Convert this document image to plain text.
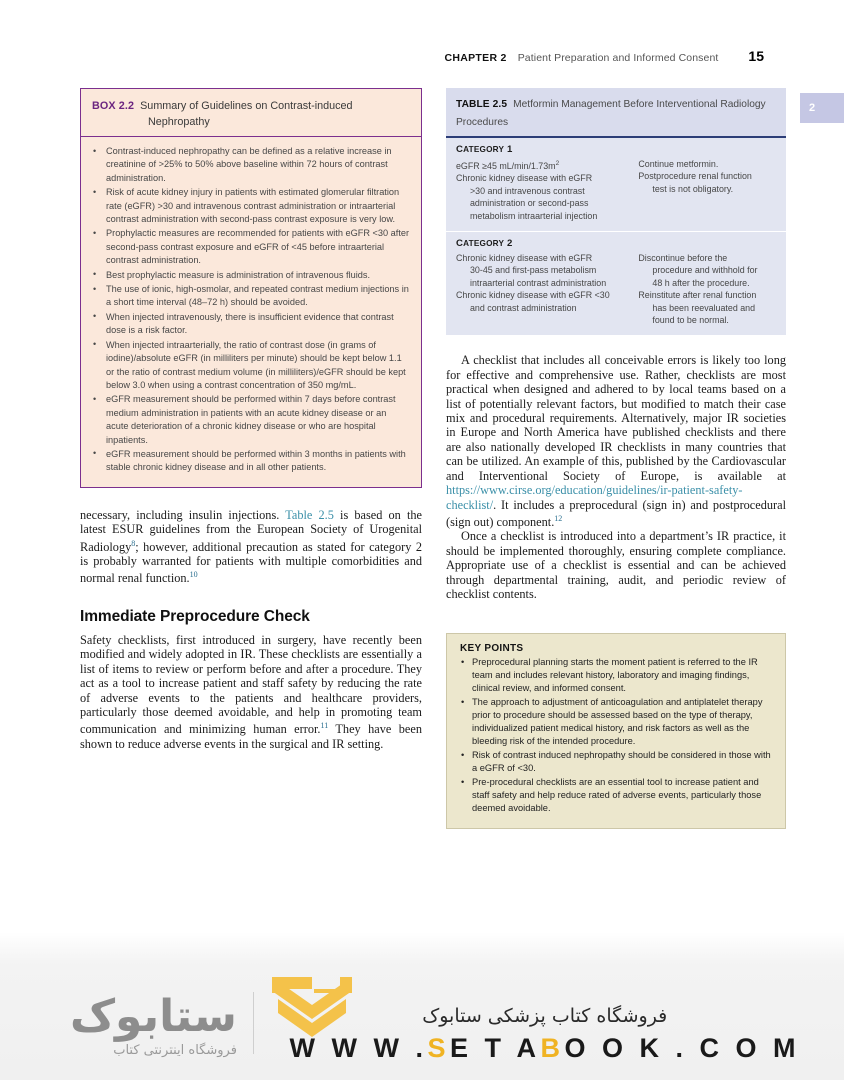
CHAPTER 2 Patient Preparation and Informed Consent 15
2
BOX 2.2 Summary of Guidelines on Contrast-induced
Nephropathy
• Contrast-induced nephropathy can be defined as a relative increase in creatinine of >25% to 50% above baseline within 72 hours of contrast administration.
• Risk of acute kidney injury in patients with estimated glomerular filtration rate (eGFR) >30 and intravenous contrast administration or intraarterial contrast administration with second-pass contrast exposure is very low.
• Prophylactic measures are recommended for patients with eGFR <30 after second-pass contrast exposure and eGFR of <45 before intraarterial contrast administration.
• Best prophylactic measure is administration of intravenous fluids.
• The use of ionic, high-osmolar, and repeated contrast medium injections in a short time interval (48–72 h) should be avoided.
• When injected intravenously, there is insufficient evidence that contrast dose is a risk factor.
• When injected intraarterially, the ratio of contrast dose (in grams of iodine)/absolute eGFR (in milliliters per minute) should be kept below 1.1 or the ratio of contrast medium volume (in milliliters)/eGFR should be kept below 3.0 when using a contrast concentration of 350 mg/mL.
• eGFR measurement should be performed within 7 days before contrast medium administration in patients with an acute kidney disease or an acute deterioration of a chronic kidney disease or who are hospital inpatients.
• eGFR measurement should be performed within 3 months in patients with stable chronic kidney disease and in all other patients.

necessary, including insulin injections. Table 2.5 is based on the latest ESUR guidelines from the European Society of Urogenital Radiology$^8$; however, additional precaution as stated for category 2 is probably warranted for patients with multiple comorbidities and normal renal function.$^{10}$

Immediate Preprocedure Check

Safety checklists, first introduced in surgery, have recently been modified and widely adopted in IR. These checklists are essentially a list of items to review or perform before and after a procedure. They act as a tool to increase patient and staff safety by reducing the rate of adverse events to the patients and healthcare providers, particularly those deemed avoidable, and help in promoting team communication and minimizing human error.$^{11}$ They have been shown to reduce adverse events in the surgical and IR setting.

TABLE 2.5 Metformin Management Before Interventional Radiology Procedures
CATEGORY 1
eGFR ≥45 $mL/\min/1.73m^2$
Chronic kidney disease with eGFR
>30 and intravenous contrast
administration or second-pass
metabolism intraarterial injection
Continue metformin.
Postprocedure renal function
test is not obligatory.
CATEGORY 2
Chronic kidney disease with eGFR
30-45 and first-pass metabolism
intraarterial contrast administration
Chronic kidney disease with eGFR <30
and contrast administration
Discontinue before the
procedure and withhold for
48 h after the procedure.
Reinstitute after renal function
has been reevaluated and
found to be normal.

A checklist that includes all conceivable errors is likely too long for effective and comprehensive use. Rather, checklists are most practical when designed and adhered to by local teams based on a list of potentially relevant factors, but modified to match their case mix and procedural requirements. Alternatively, major IR societies in Europe and North America have published checklists and there are also nationally developed IR checklists in many countries that can be utilized. An example of this, published by the Cardiovascular and Interventional Society of Europe, is available at https://www.cirse.org/education/guidelines/ir-patient-safety-checklist/. It includes a preprocedural (sign in) and postprocedural (sign out) component.$^{12}$

Once a checklist is introduced into a department’s IR practice, it should be implemented thoroughly, ensuring complete compliance. Appropriate use of a checklist is essential and can be achieved through departmental training, audit, and periodic review of checklist contents.

KEY POINTS
• Preprocedural planning starts the moment patient is referred to the IR team and includes relevant history, laboratory and imaging findings, clinical review, and informed consent.
• The approach to adjustment of anticoagulation and antiplatelet therapy prior to procedure should be assessed based on the type of therapy, individualized patient medical history, and risk factors as well as the bleeding risk of the intended procedure.
• Risk of contrast induced nephropathy should be considered in those with a eGFR of <30.
• Pre-procedural checklists are an essential tool to increase patient and staff safety and help reduce rated of adverse events, particularly those deemed avoidable.
ستابوک
فروشگاه اینترنتی کتاب
فروشگاه کتاب پزشکی ستابوک
W W W .SE T ABO O K . C O M
